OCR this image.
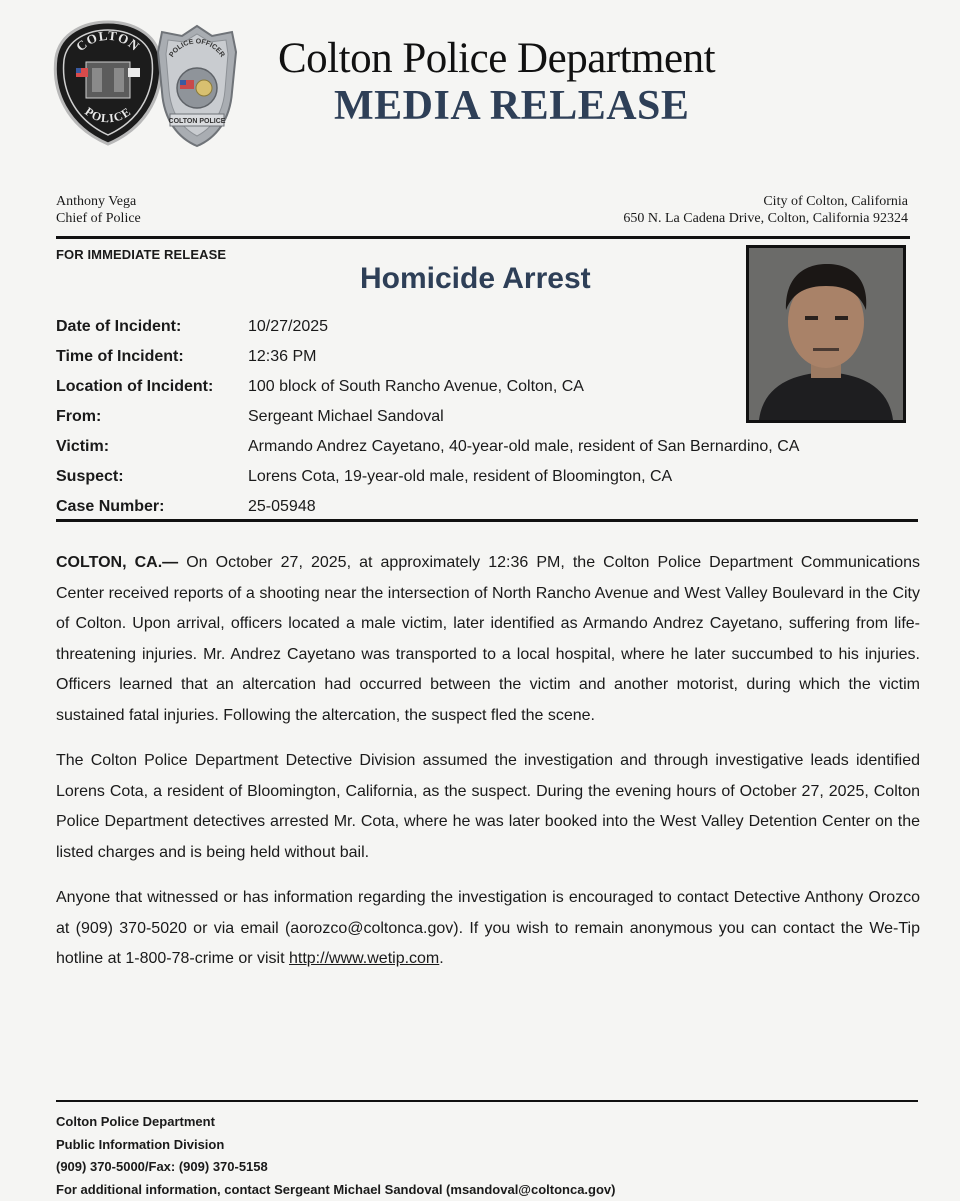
COLTON
POLICE
POLICE OFFICER
COLTON POLICE
Colton Police Department
MEDIA RELEASE
Anthony Vega
Chief of Police
City of Colton, California
650 N. La Cadena Drive, Colton, California 92324
FOR IMMEDIATE RELEASE
Homicide Arrest
Date of Incident:	10/27/2025
Time of Incident:	12:36 PM
Location of Incident: 100 block of South Rancho Avenue, Colton, CA
From:	Sergeant Michael Sandoval
Victim:	Armando Andrez Cayetano, 40-year-old male, resident of San Bernardino, CA
Suspect:	Lorens Cota, 19-year-old male, resident of Bloomington, CA
Case Number:	25-05948

COLTON, CA.— On October 27, 2025, at approximately 12:36 PM, the Colton Police Department Communications Center received reports of a shooting near the intersection of North Rancho Avenue and West Valley Boulevard in the City of Colton. Upon arrival, officers located a male victim, later identified as Armando Andrez Cayetano, suffering from life-threatening injuries. Mr. Andrez Cayetano was transported to a local hospital, where he later succumbed to his injuries. Officers learned that an altercation had occurred between the victim and another motorist, during which the victim sustained fatal injuries. Following the altercation, the suspect fled the scene.

The Colton Police Department Detective Division assumed the investigation and through investigative leads identified Lorens Cota, a resident of Bloomington, California, as the suspect. During the evening hours of October 27, 2025, Colton Police Department detectives arrested Mr. Cota, where he was later booked into the West Valley Detention Center on the listed charges and is being held without bail.

Anyone that witnessed or has information regarding the investigation is encouraged to contact Detective Anthony Orozco at (909) 370-5020 or via email (aorozco@coltonca.gov). If you wish to remain anonymous you can contact the We-Tip hotline at 1-800-78-crime or visit http://www.wetip.com.

Colton Police Department
Public Information Division
(909) 370-5000/Fax: (909) 370-5158
For additional information, contact Sergeant Michael Sandoval (msandoval@coltonca.gov)
